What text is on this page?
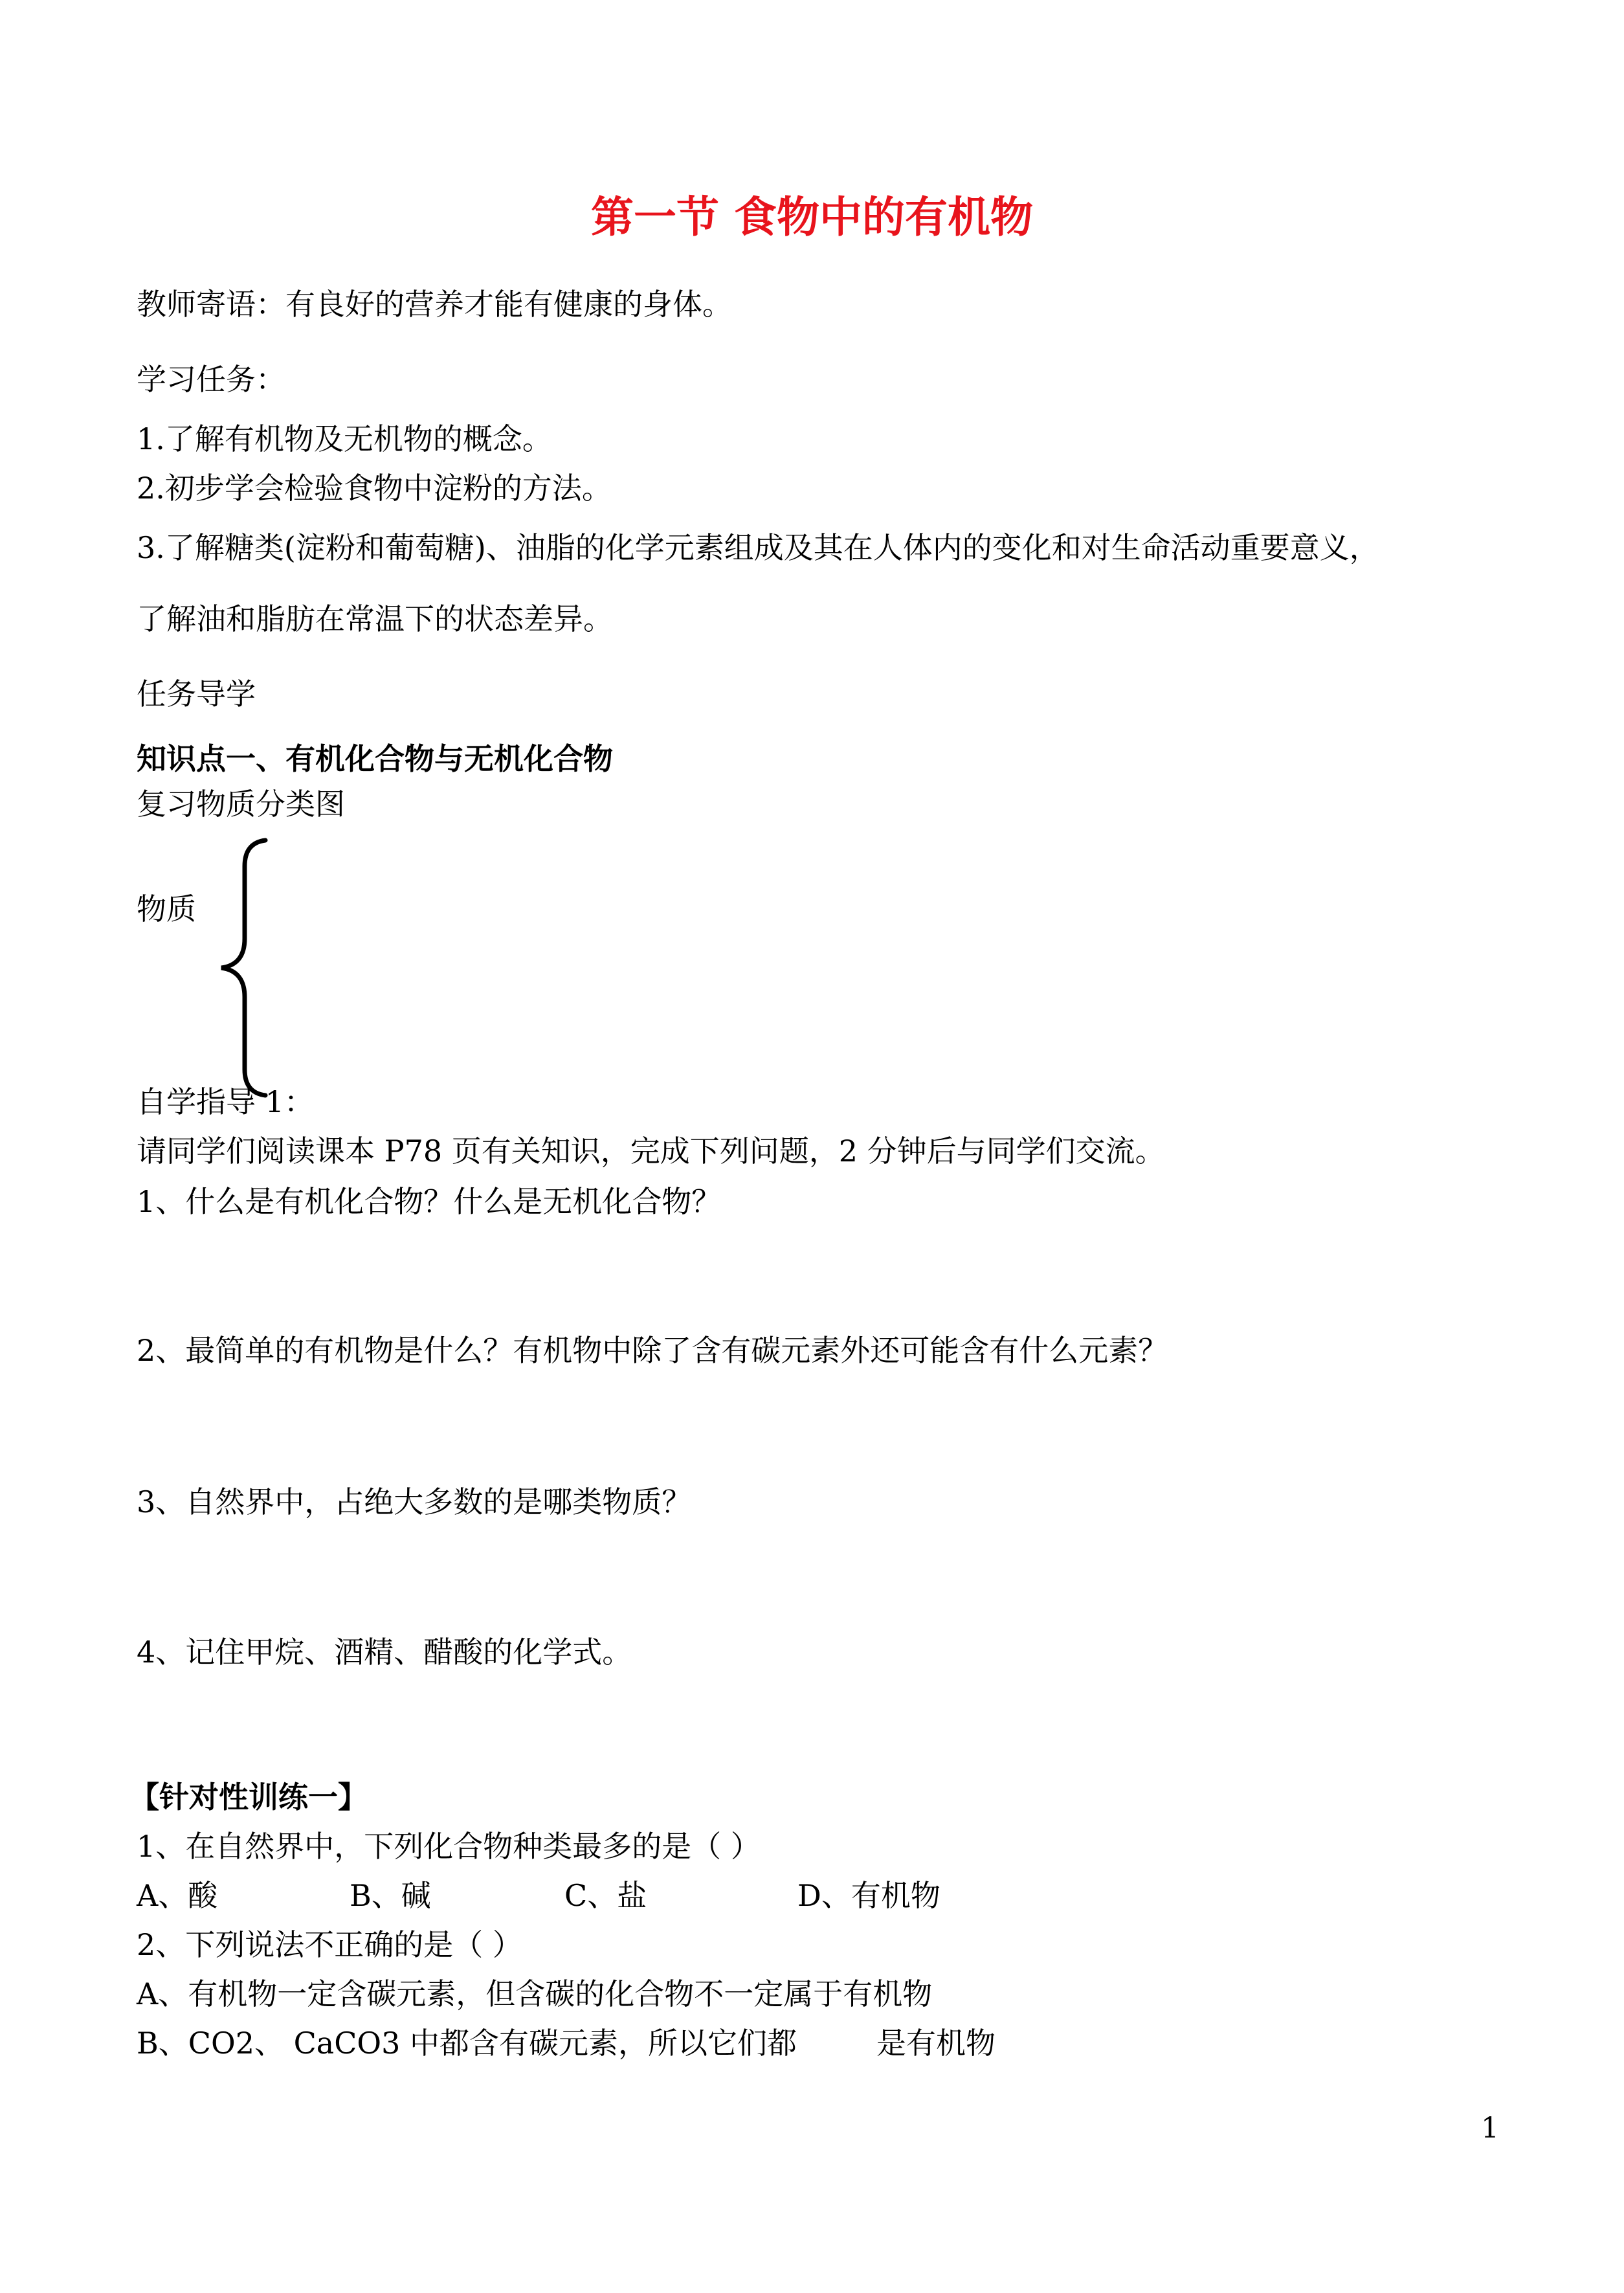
第一节 食物中的有机物
教师寄语：有良好的营养才能有健康的身体。
学习任务：
1.了解有机物及无机物的概念。
2.初步学会检验食物中淀粉的方法。
3.了解糖类(淀粉和葡萄糖)、油脂的化学元素组成及其在人体内的变化和对生命活动重要意义，
了解油和脂肪在常温下的状态差异。
任务导学
知识点一、有机化合物与无机化合物
复习物质分类图
物质
自学指导 1：
请同学们阅读课本 P78 页有关知识，完成下列问题，2 分钟后与同学们交流。
1、什么是有机化合物？什么是无机化合物？
2、最简单的有机物是什么？有机物中除了含有碳元素外还可能含有什么元素？
3、自然界中，占绝大多数的是哪类物质？
4、记住甲烷、酒精、醋酸的化学式。
【针对性训练一】
1、在自然界中，下列化合物种类最多的是（ ）
A、酸	B、碱	C、盐	D、有机物
2、下列说法不正确的是（ ）
A、有机物一定含碳元素，但含碳的化合物不一定属于有机物
B、CO2、 CaCO3 中都含有碳元素，所以它们都	是有机物
1
